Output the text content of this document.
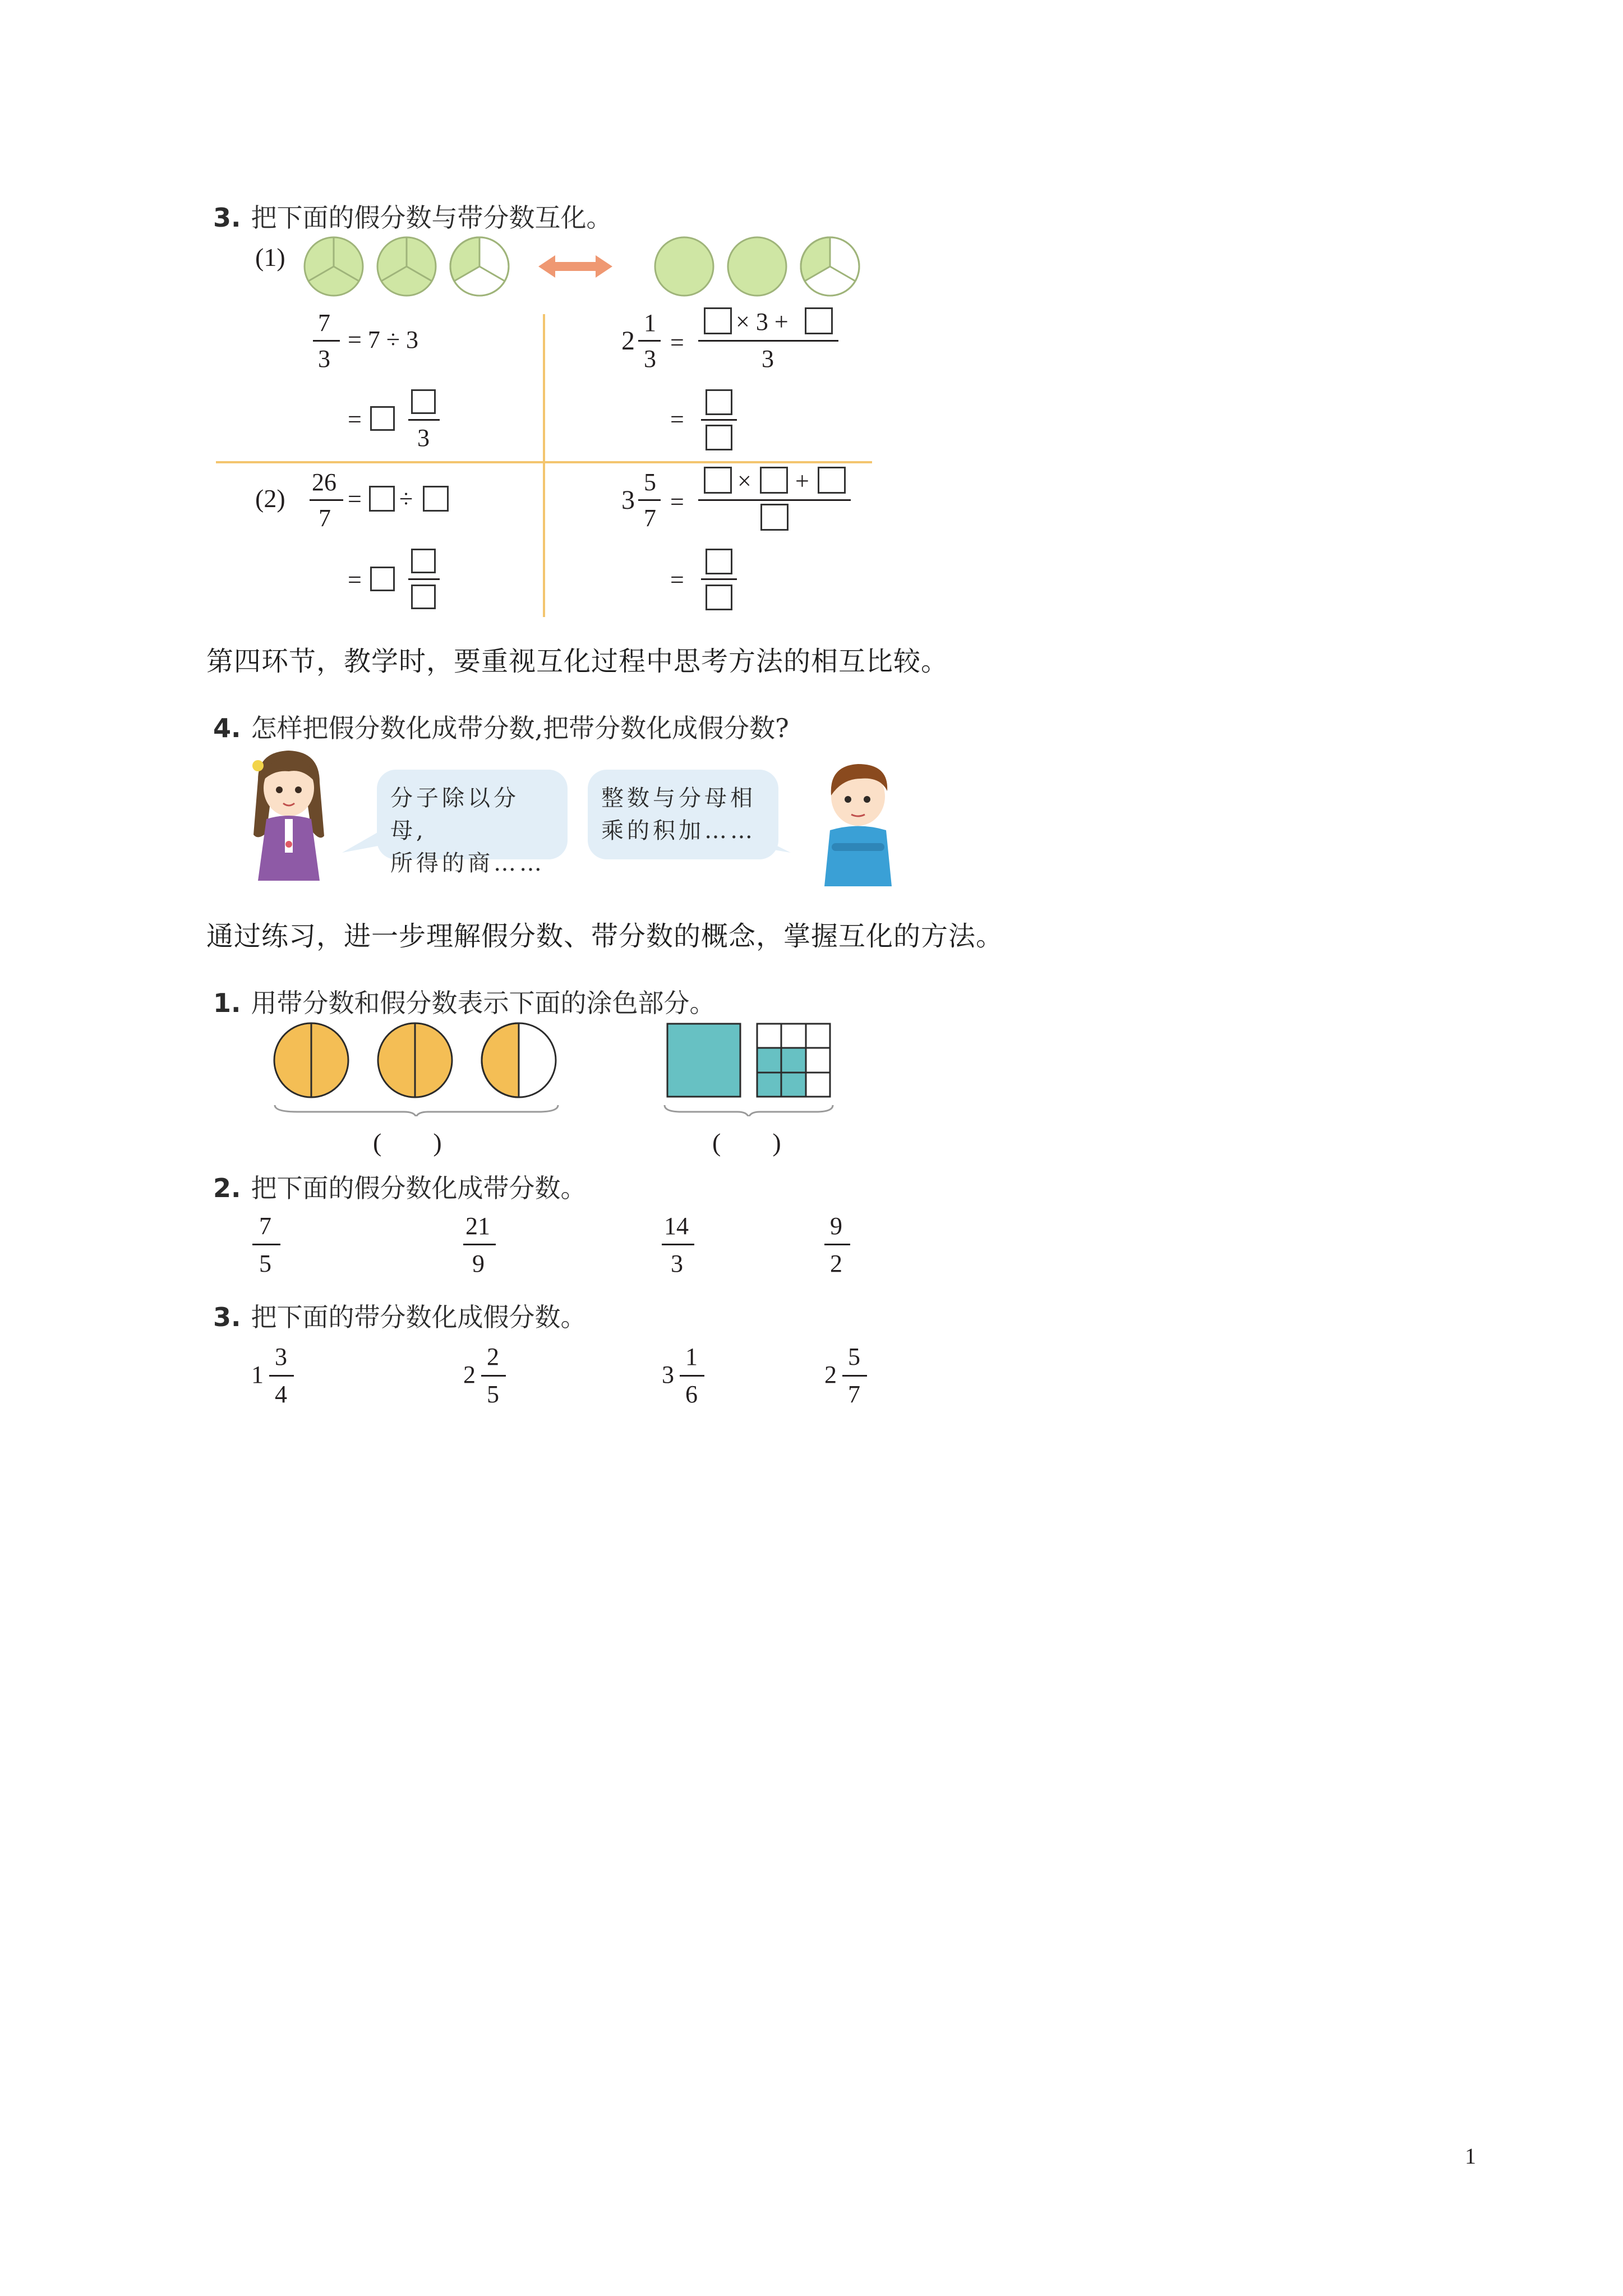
3. 把下面的假分数与带分数互化。
(1)
(2)
7
3
= 7 ÷ 3
=
3
2
1
3
=
× 3 +
3
=
26
7
= ÷
=
3
5
7
=
× +
=
第四环节，教学时，要重视互化过程中思考方法的相互比较。
4. 怎样把假分数化成带分数,把带分数化成假分数?
分子除以分母,
所得的商……
整数与分母相
乘的积加……
通过练习，进一步理解假分数、带分数的概念，掌握互化的方法。
1. 用带分数和假分数表示下面的涂色部分。
(　　)	(　　)
2. 把下面的假分数化成带分数。
7
5
21
9
14
3
9
2
3. 把下面的带分数化成假分数。
1
3
4
2
2
5
3
1
6
2
5
7
1
